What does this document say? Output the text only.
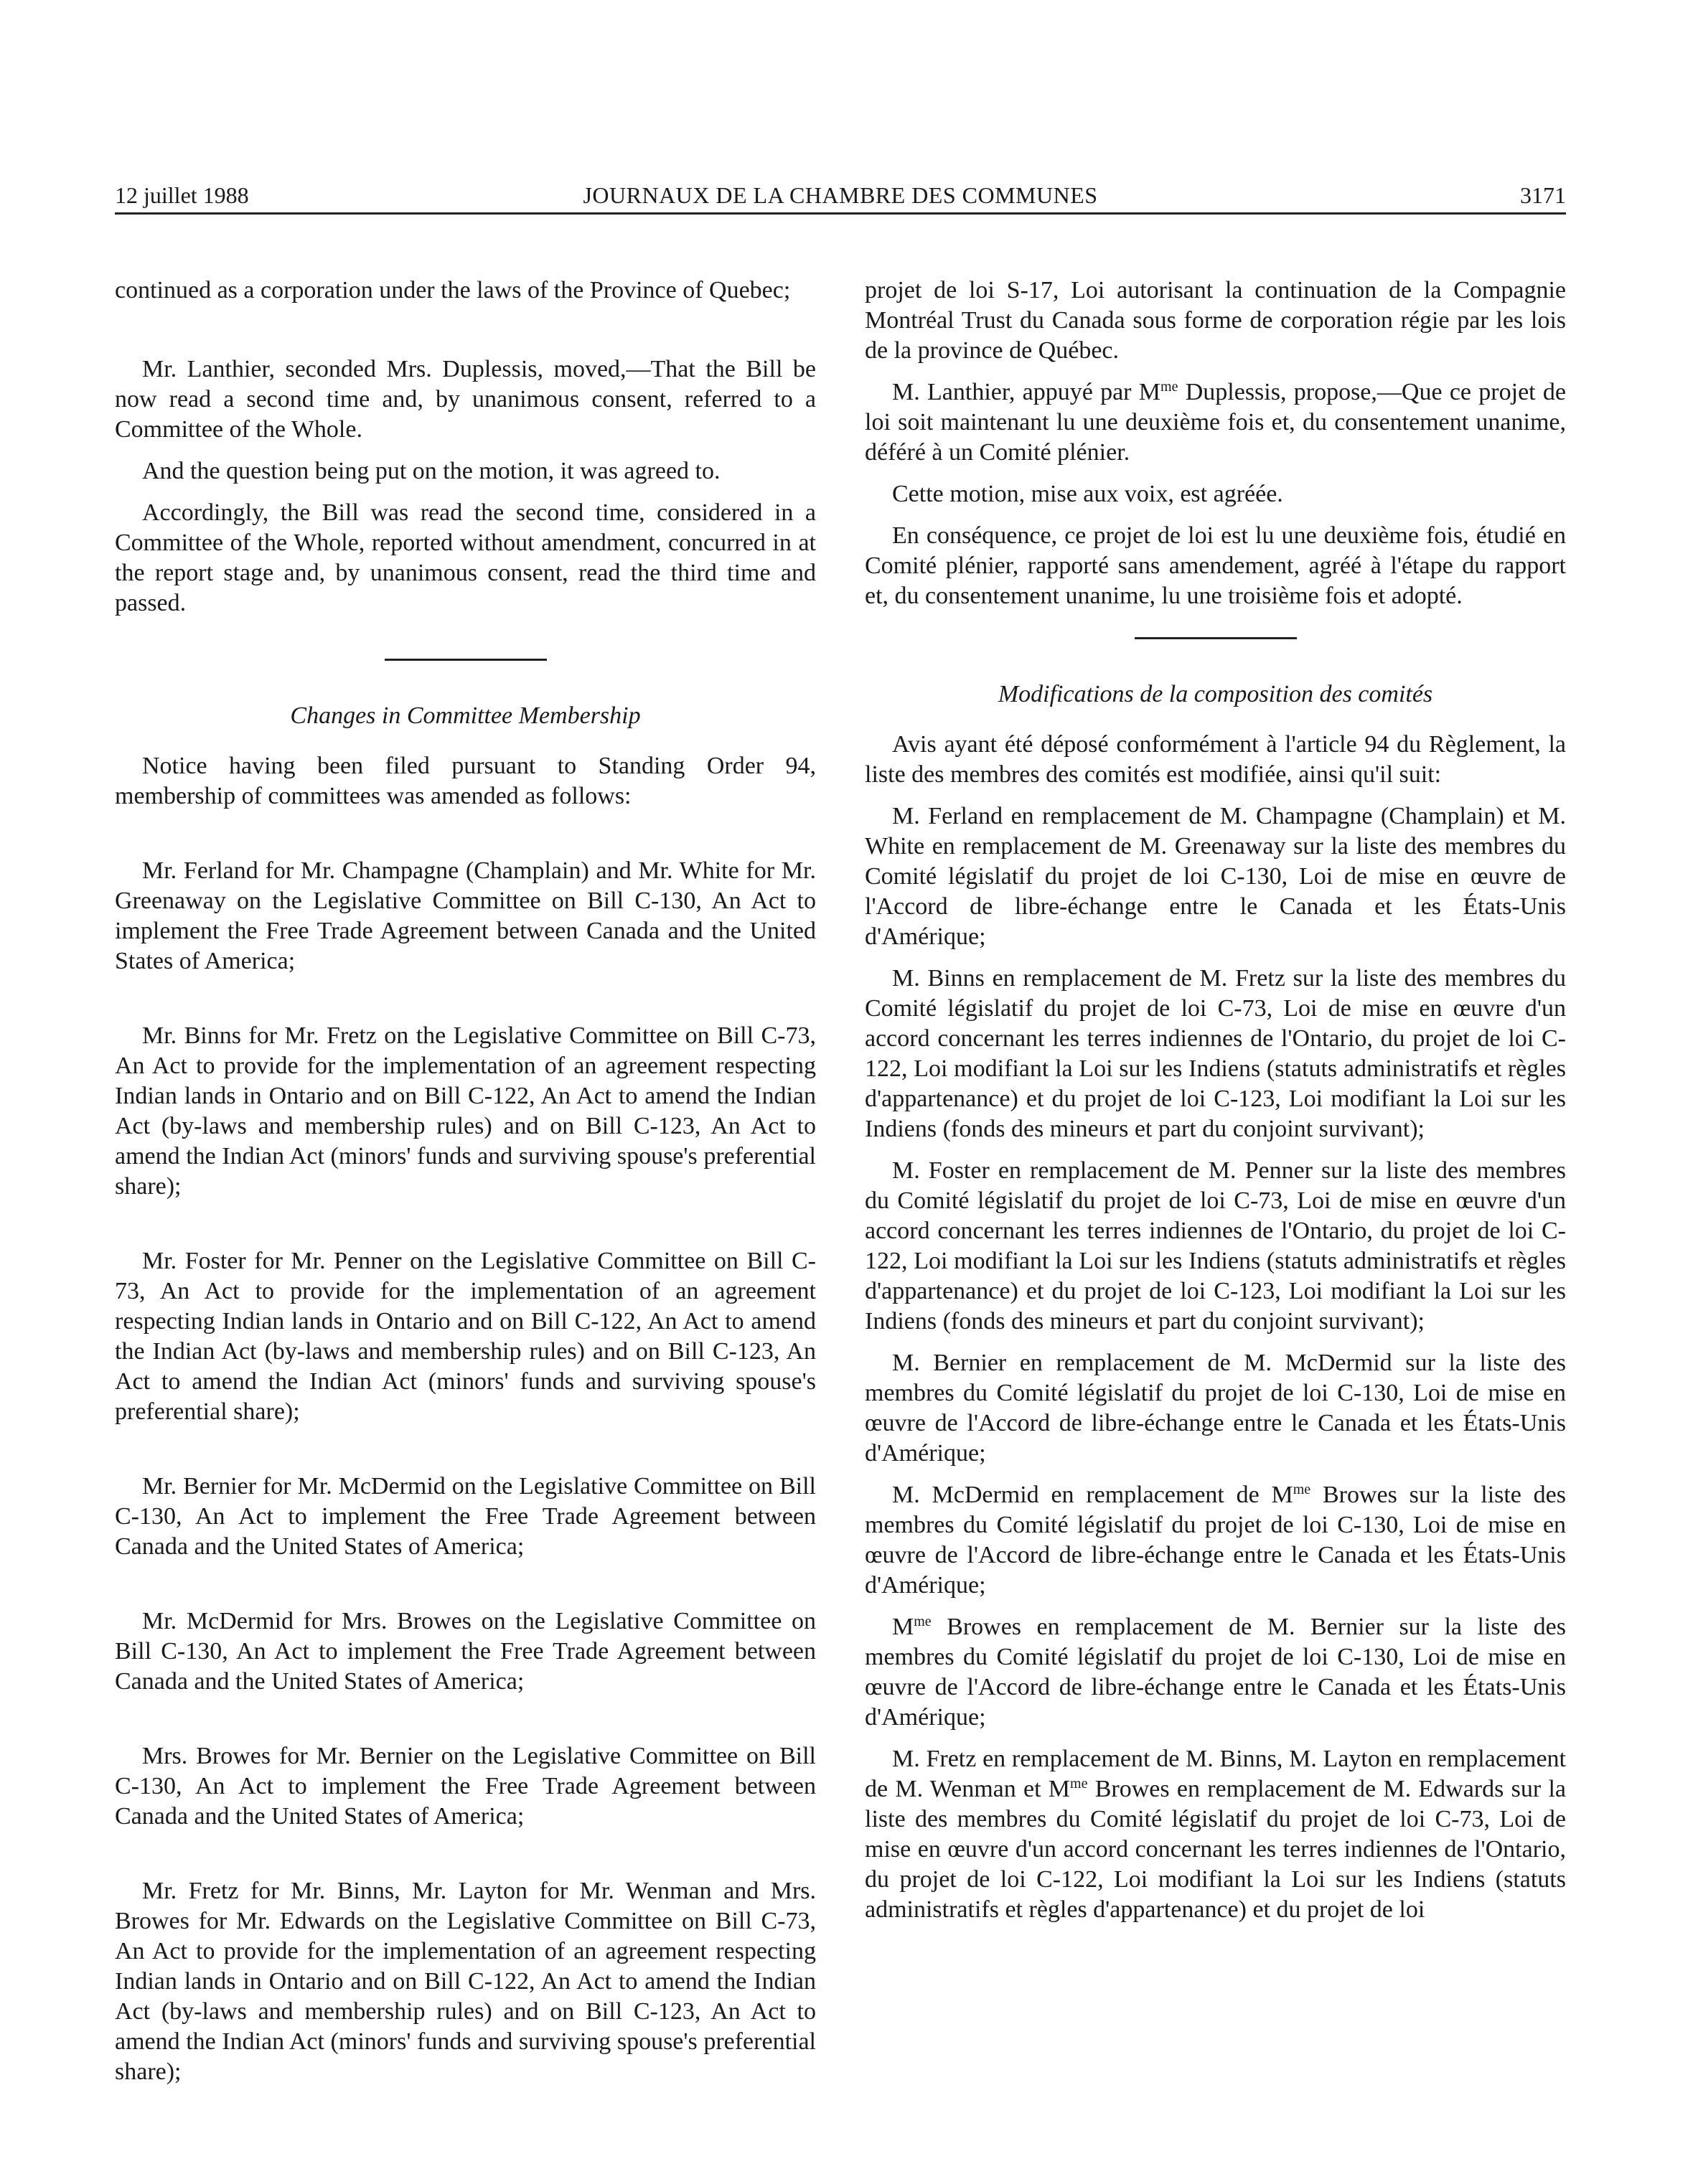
12 juillet 1988	JOURNAUX DE LA CHAMBRE DES COMMUNES	3171

continued as a corporation under the laws of the Province of Quebec;

Mr. Lanthier, seconded Mrs. Duplessis, moved,—That the Bill be now read a second time and, by unanimous consent, referred to a Committee of the Whole.

And the question being put on the motion, it was agreed to.

Accordingly, the Bill was read the second time, considered in a Committee of the Whole, reported without amendment, concurred in at the report stage and, by unanimous consent, read the third time and passed.

Changes in Committee Membership

Notice having been filed pursuant to Standing Order 94, membership of committees was amended as follows:

Mr. Ferland for Mr. Champagne (Champlain) and Mr. White for Mr. Greenaway on the Legislative Committee on Bill C-130, An Act to implement the Free Trade Agreement between Canada and the United States of America;

Mr. Binns for Mr. Fretz on the Legislative Committee on Bill C-73, An Act to provide for the implementation of an agreement respecting Indian lands in Ontario and on Bill C-122, An Act to amend the Indian Act (by-laws and membership rules) and on Bill C-123, An Act to amend the Indian Act (minors' funds and surviving spouse's preferential share);

Mr. Foster for Mr. Penner on the Legislative Committee on Bill C-73, An Act to provide for the implementation of an agreement respecting Indian lands in Ontario and on Bill C-122, An Act to amend the Indian Act (by-laws and membership rules) and on Bill C-123, An Act to amend the Indian Act (minors' funds and surviving spouse's preferential share);

Mr. Bernier for Mr. McDermid on the Legislative Committee on Bill C-130, An Act to implement the Free Trade Agreement between Canada and the United States of America;

Mr. McDermid for Mrs. Browes on the Legislative Committee on Bill C-130, An Act to implement the Free Trade Agreement between Canada and the United States of America;

Mrs. Browes for Mr. Bernier on the Legislative Committee on Bill C-130, An Act to implement the Free Trade Agreement between Canada and the United States of America;

Mr. Fretz for Mr. Binns, Mr. Layton for Mr. Wenman and Mrs. Browes for Mr. Edwards on the Legislative Committee on Bill C-73, An Act to provide for the implementation of an agreement respecting Indian lands in Ontario and on Bill C-122, An Act to amend the Indian Act (by-laws and membership rules) and on Bill C-123, An Act to amend the Indian Act (minors' funds and surviving spouse's preferential share);

projet de loi S-17, Loi autorisant la continuation de la Compagnie Montréal Trust du Canada sous forme de corporation régie par les lois de la province de Québec.

M. Lanthier, appuyé par $M^{me}$ Duplessis, propose,—Que ce projet de loi soit maintenant lu une deuxième fois et, du consentement unanime, déféré à un Comité plénier.

Cette motion, mise aux voix, est agréée.

En conséquence, ce projet de loi est lu une deuxième fois, étudié en Comité plénier, rapporté sans amendement, agréé à l'étape du rapport et, du consentement unanime, lu une troisième fois et adopté.

Modifications de la composition des comités

Avis ayant été déposé conformément à l'article 94 du Règlement, la liste des membres des comités est modifiée, ainsi qu'il suit:

M. Ferland en remplacement de M. Champagne (Champlain) et M. White en remplacement de M. Greenaway sur la liste des membres du Comité législatif du projet de loi C-130, Loi de mise en œuvre de l'Accord de libre-échange entre le Canada et les États-Unis d'Amérique;

M. Binns en remplacement de M. Fretz sur la liste des membres du Comité législatif du projet de loi C-73, Loi de mise en œuvre d'un accord concernant les terres indiennes de l'Ontario, du projet de loi C-122, Loi modifiant la Loi sur les Indiens (statuts administratifs et règles d'appartenance) et du projet de loi C-123, Loi modifiant la Loi sur les Indiens (fonds des mineurs et part du conjoint survivant);

M. Foster en remplacement de M. Penner sur la liste des membres du Comité législatif du projet de loi C-73, Loi de mise en œuvre d'un accord concernant les terres indiennes de l'Ontario, du projet de loi C-122, Loi modifiant la Loi sur les Indiens (statuts administratifs et règles d'appartenance) et du projet de loi C-123, Loi modifiant la Loi sur les Indiens (fonds des mineurs et part du conjoint survivant);

M. Bernier en remplacement de M. McDermid sur la liste des membres du Comité législatif du projet de loi C-130, Loi de mise en œuvre de l'Accord de libre-échange entre le Canada et les États-Unis d'Amérique;

M. McDermid en remplacement de $M^{me}$ Browes sur la liste des membres du Comité législatif du projet de loi C-130, Loi de mise en œuvre de l'Accord de libre-échange entre le Canada et les États-Unis d'Amérique;

$M^{me}$ Browes en remplacement de M. Bernier sur la liste des membres du Comité législatif du projet de loi C-130, Loi de mise en œuvre de l'Accord de libre-échange entre le Canada et les États-Unis d'Amérique;

M. Fretz en remplacement de M. Binns, M. Layton en remplacement de M. Wenman et $M^{me}$ Browes en remplacement de M. Edwards sur la liste des membres du Comité législatif du projet de loi C-73, Loi de mise en œuvre d'un accord concernant les terres indiennes de l'Ontario, du projet de loi C-122, Loi modifiant la Loi sur les Indiens (statuts administratifs et règles d'appartenance) et du projet de loi
